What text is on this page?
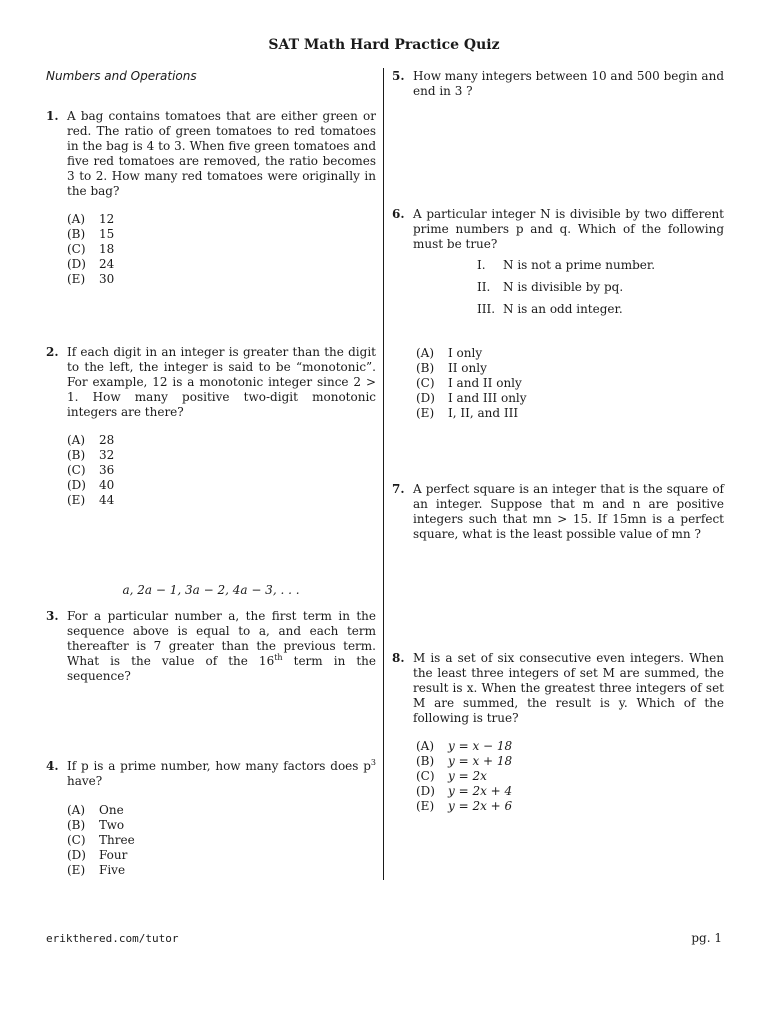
SAT Math Hard Practice Quiz
Numbers and Operations
1. A bag contains tomatoes that are either green or red. The ratio of green tomatoes to red tomatoes in the bag is 4 to 3. When five green tomatoes and five red tomatoes are removed, the ratio becomes 3 to 2. How many red tomatoes were originally in the bag?
(A)	12
(B)	15
(C)	18
(D)	24
(E)	30
2. If each digit in an integer is greater than the digit to the left, the integer is said to be “monotonic”. For example, 12 is a monotonic integer since 2 > 1. How many positive two-digit monotonic integers are there?
(A)	28
(B)	32
(C)	36
(D)	40
(E)	44
a, 2a − 1, 3a − 2, 4a − 3, . . .
3. For a particular number a, the first term in the sequence above is equal to a, and each term thereafter is 7 greater than the previous term. What is the value of the 16th term in the sequence?
4. If p is a prime number, how many factors does $p^3$ have?
(A)	One
(B)	Two
(C)	Three
(D)	Four
(E)	Five
5. How many integers between 10 and 500 begin and end in 3 ?
6. A particular integer N is divisible by two different prime numbers p and q. Which of the following must be true?
I.	N is not a prime number.
II.	N is divisible by pq.
III. N is an odd integer.
(A)	I only
(B)	II only
(C)	I and II only
(D)	I and III only
(E)	I, II, and III
7. A perfect square is an integer that is the square of an integer. Suppose that m and n are positive integers such that mn > 15. If 15mn is a perfect square, what is the least possible value of mn ?
8. M is a set of six consecutive even integers. When the least three integers of set M are summed, the result is x. When the greatest three integers of set M are summed, the result is y. Which of the following is true?
(A)	y = x − 18
(B)	y = x + 18
(C)	y = 2x
(D)	y = 2x + 4
(E)	y = 2x + 6
erikthered.com/tutor	pg. 1
